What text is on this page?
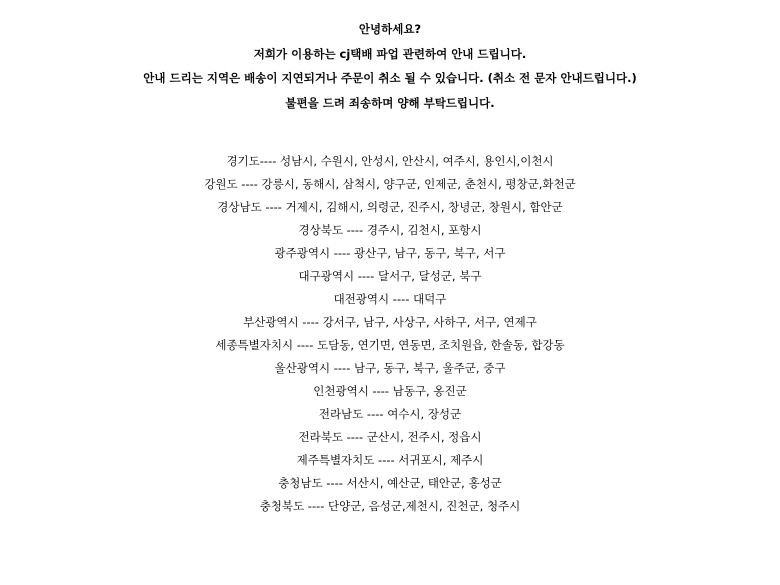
안녕하세요?

저희가 이용하는 cj택배 파업 관련하여 안내 드립니다.

안내 드리는 지역은 배송이 지연되거나 주문이 취소 될 수 있습니다. (취소 전 문자 안내드립니다.)

불편을 드려 죄송하며 양해 부탁드립니다.

경기도---- 성남시, 수원시, 안성시, 안산시, 여주시, 용인시,이천시

강원도 ---- 강릉시, 동해시, 삼척시, 양구군, 인제군, 춘천시, 평창군,화천군

경상남도 ---- 거제시, 김해시, 의령군, 진주시, 창녕군, 창원시, 함안군

경상북도 ---- 경주시, 김천시, 포항시

광주광역시 ---- 광산구, 남구, 동구, 북구, 서구

대구광역시 ---- 달서구, 달성군, 북구

대전광역시 ---- 대덕구

부산광역시 ---- 강서구, 남구, 사상구, 사하구, 서구, 연제구

세종특별자치시 ---- 도담동, 연기면, 연동면, 조치원읍, 한솔동, 합강동

울산광역시 ---- 남구, 동구, 북구, 울주군, 중구

인천광역시 ---- 남동구, 옹진군

전라남도 ---- 여수시, 장성군

전라북도 ---- 군산시, 전주시, 정읍시

제주특별자치도 ---- 서귀포시, 제주시

충청남도 ---- 서산시, 예산군, 태안군, 홍성군

충청북도 ---- 단양군, 음성군,제천시, 진천군, 청주시
